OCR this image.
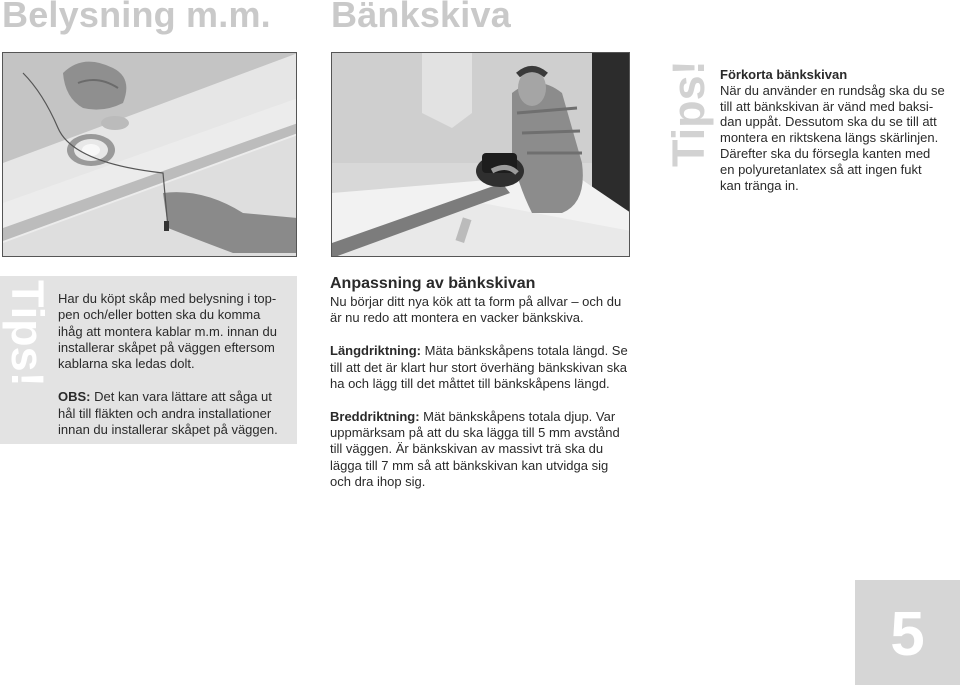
Belysning m.m. Bänkskiva
Tips! Förkorta bänkskivan
När du använder en rundsåg ska du se
till att bänkskivan är vänd med baksi-
dan uppåt. Dessutom ska du se till att
montera en riktskena längs skärlinjen.
Därefter ska du försegla kanten med
en polyuretanlatex så att ingen fukt
kan tränga in.
Tips! Har du köpt skåp med belysning i top-
pen och/eller botten ska du komma
ihåg att montera kablar m.m. innan du
installerar skåpet på väggen eftersom
kablarna ska ledas dolt.

OBS: Det kan vara lättare att såga ut
hål till fläkten och andra installationer
innan du installerar skåpet på väggen.

Anpassning av bänkskivan

Nu börjar ditt nya kök att ta form på allvar – och du
är nu redo att montera en vacker bänkskiva.

Längdriktning: Mäta bänkskåpens totala längd. Se
till att det är klart hur stort överhäng bänkskivan ska
ha och lägg till det måttet till bänkskåpens längd.

Breddriktning: Mät bänkskåpens totala djup. Var
uppmärksam på att du ska lägga till 5 mm avstånd
till väggen. Är bänkskivan av massivt trä ska du
lägga till 7 mm så att bänkskivan kan utvidga sig
och dra ihop sig.

5
